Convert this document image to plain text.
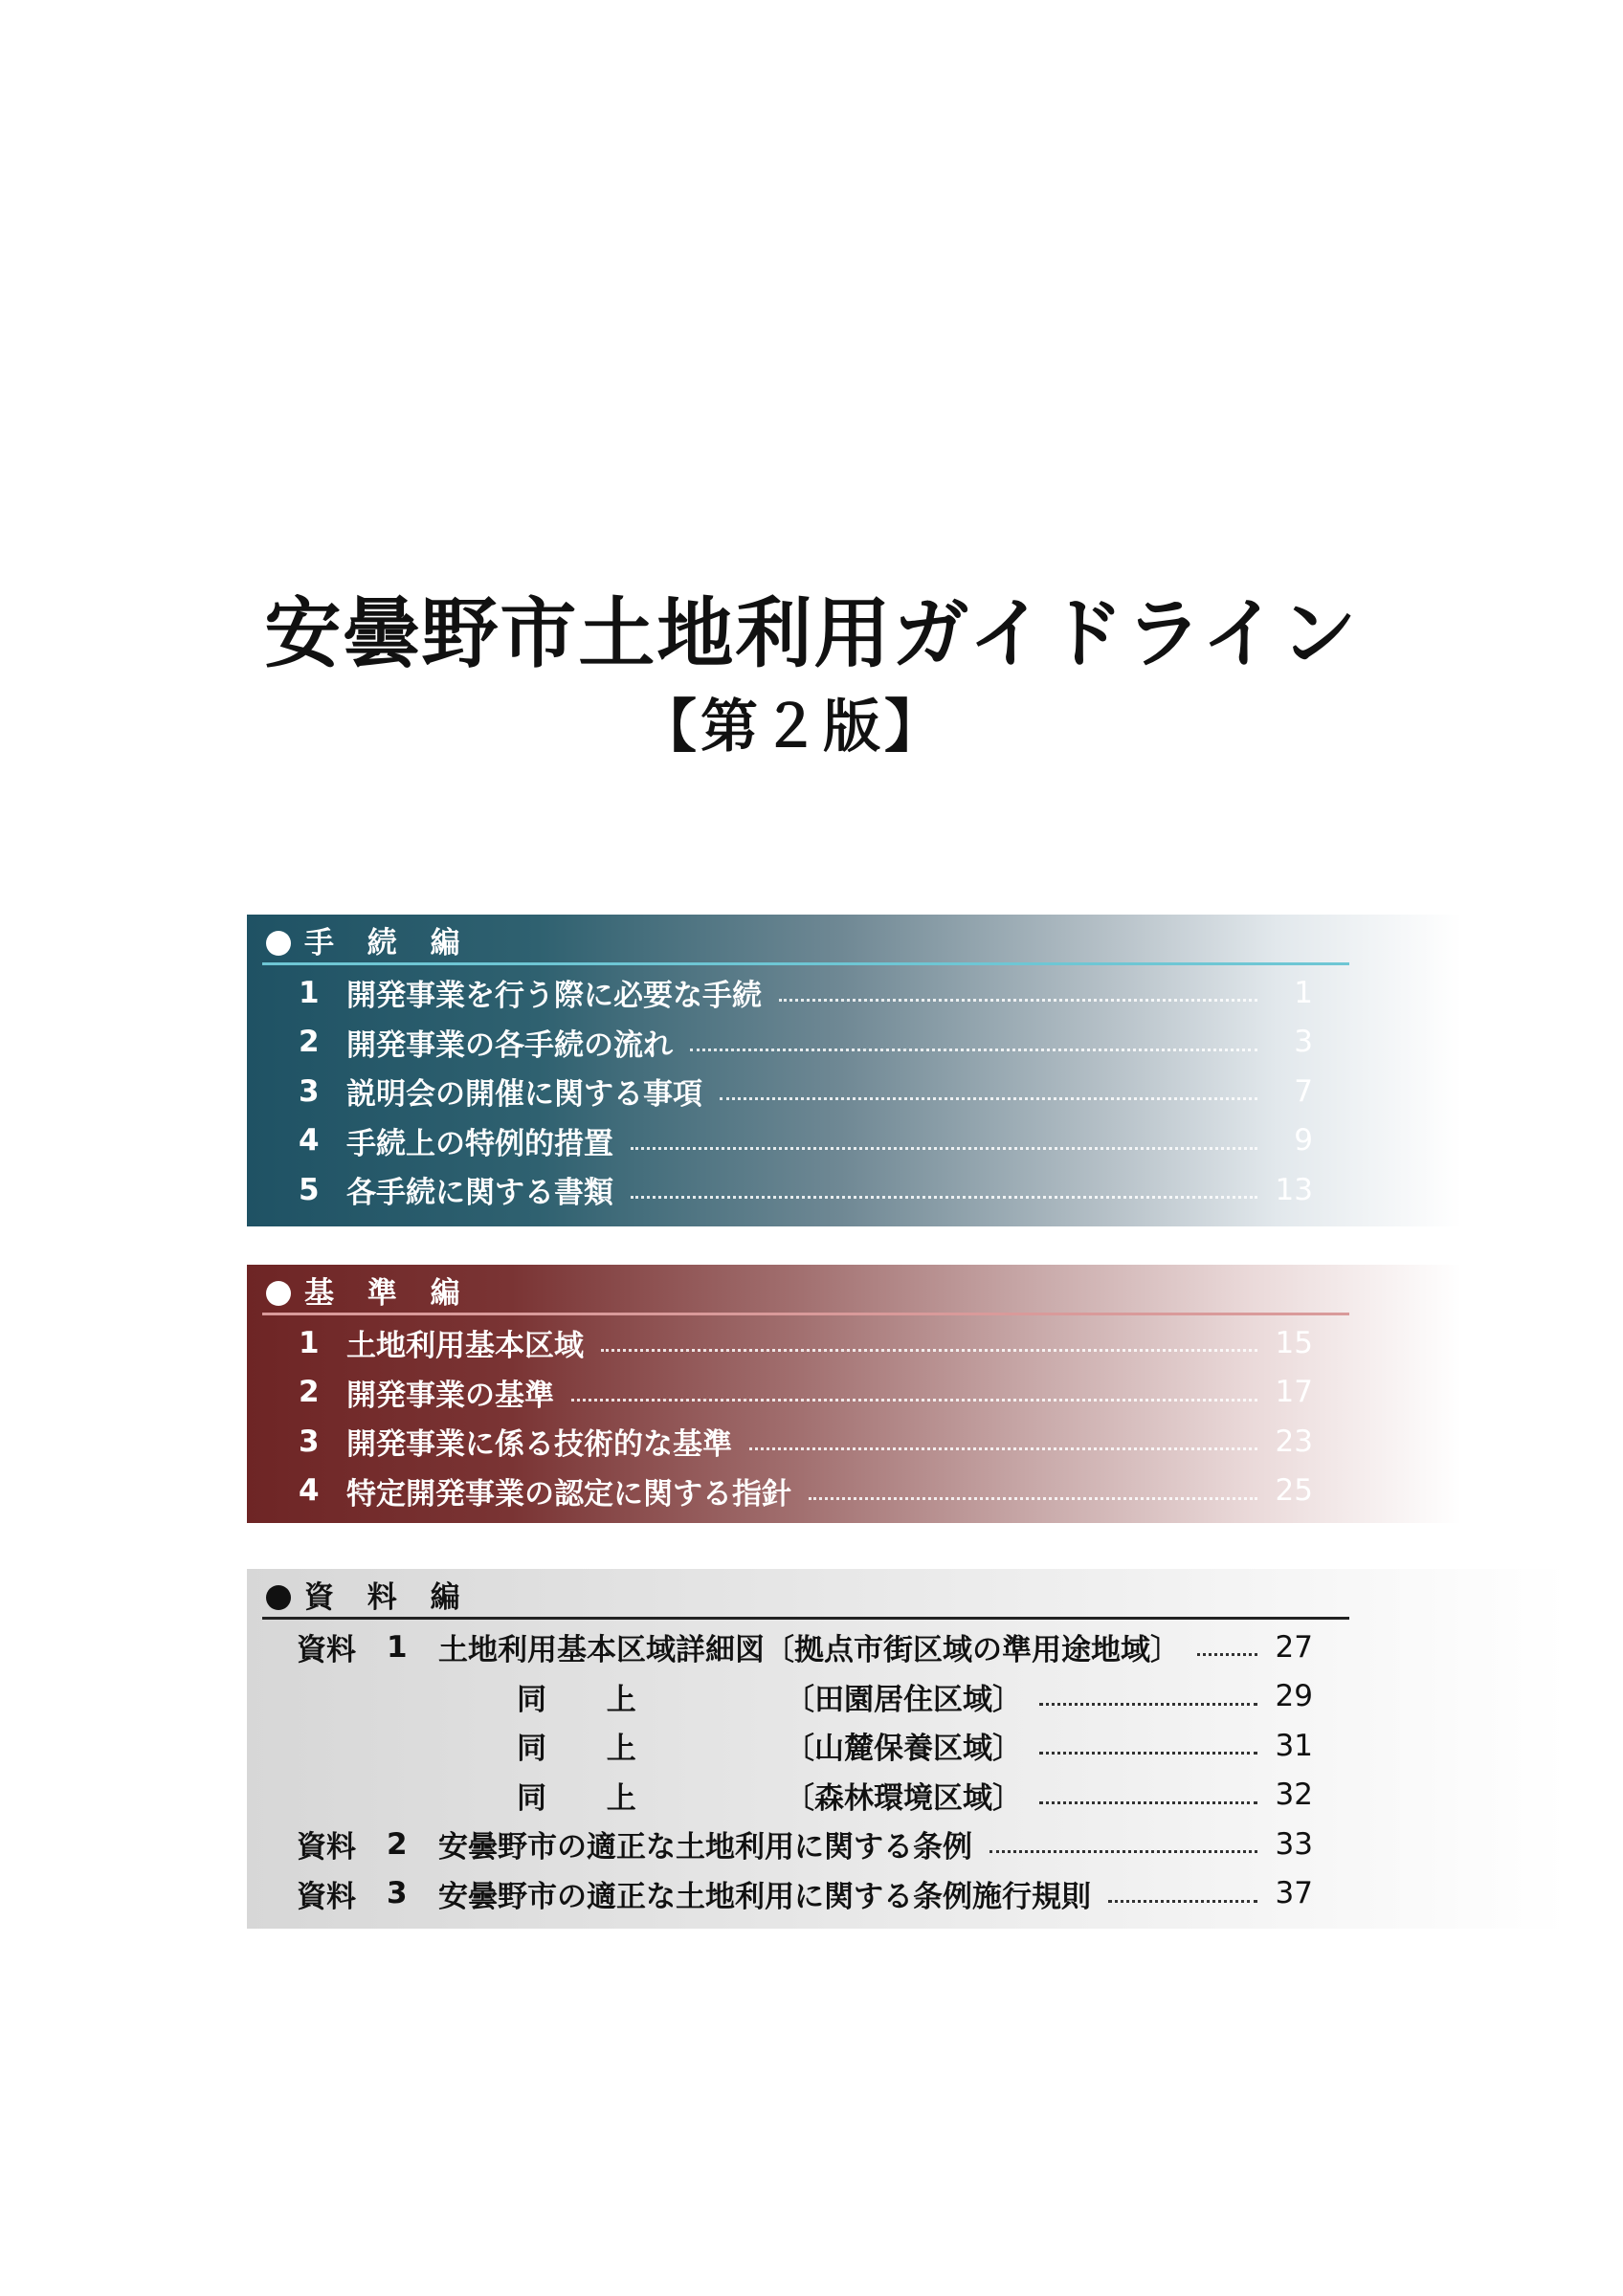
安曇野市土地利用ガイドライン
【第２版】
手 続 編
1 開発事業を行う際に必要な手続	1
2 開発事業の各手続の流れ	3
3 説明会の開催に関する事項	7
4 手続上の特例的措置	9
5 各手続に関する書類	13
基 準 編
1 土地利用基本区域	15
2 開発事業の基準	17
3 開発事業に係る技術的な基準	23
4 特定開発事業の認定に関する指針	25
資 料 編
資料	1 土地利用基本区域詳細図〔拠点市街区域の準用途地域〕	27
同 上	〔田園居住区域〕	29
同 上	〔山麓保養区域〕	31
同 上	〔森林環境区域〕	32
資料	2 安曇野市の適正な土地利用に関する条例	33
資料	3 安曇野市の適正な土地利用に関する条例施行規則	37
